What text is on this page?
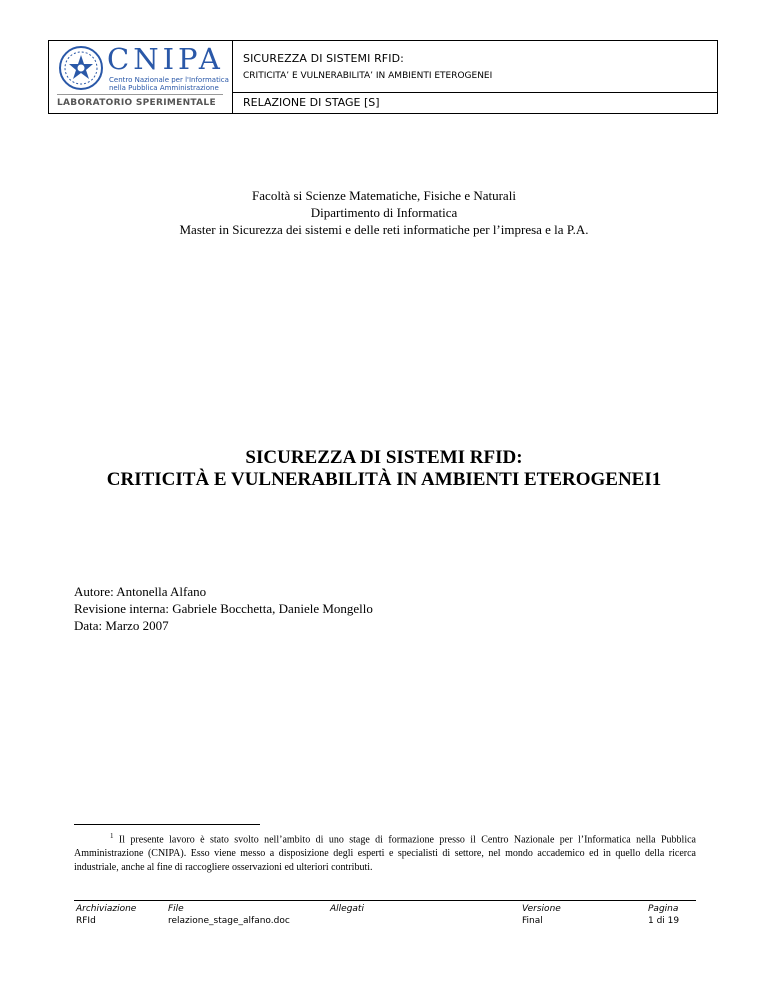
CNIPA
Centro Nazionale per l'Informatica
nella Pubblica Amministrazione
LABORATORIO SPERIMENTALE
SICUREZZA DI SISTEMI RFID:
CRITICITA’ E VULNERABILITA’ IN AMBIENTI ETEROGENEI
RELAZIONE DI STAGE [S]
Facoltà si Scienze Matematiche, Fisiche e Naturali
Dipartimento di Informatica
Master in Sicurezza dei sistemi e delle reti informatiche per l’impresa e la P.A.
SICUREZZA DI SISTEMI RFID:
CRITICITÀ E VULNERABILITÀ IN AMBIENTI ETEROGENEI1
Autore: Antonella Alfano
Revisione interna: Gabriele Bocchetta, Daniele Mongello
Data: Marzo 2007
$^1$ Il presente lavoro è stato svolto nell’ambito di uno stage di formazione presso il Centro Nazionale per l’Informatica nella Pubblica Amministrazione (CNIPA). Esso viene messo a disposizione degli esperti e specialisti di settore, nel mondo accademico ed in quello della ricerca industriale, anche al fine di raccogliere osservazioni ed ulteriori contributi.
Archiviazione
RFId
File
relazione_stage_alfano.doc
Allegati	Versione
Final
Pagina
1 di 19
